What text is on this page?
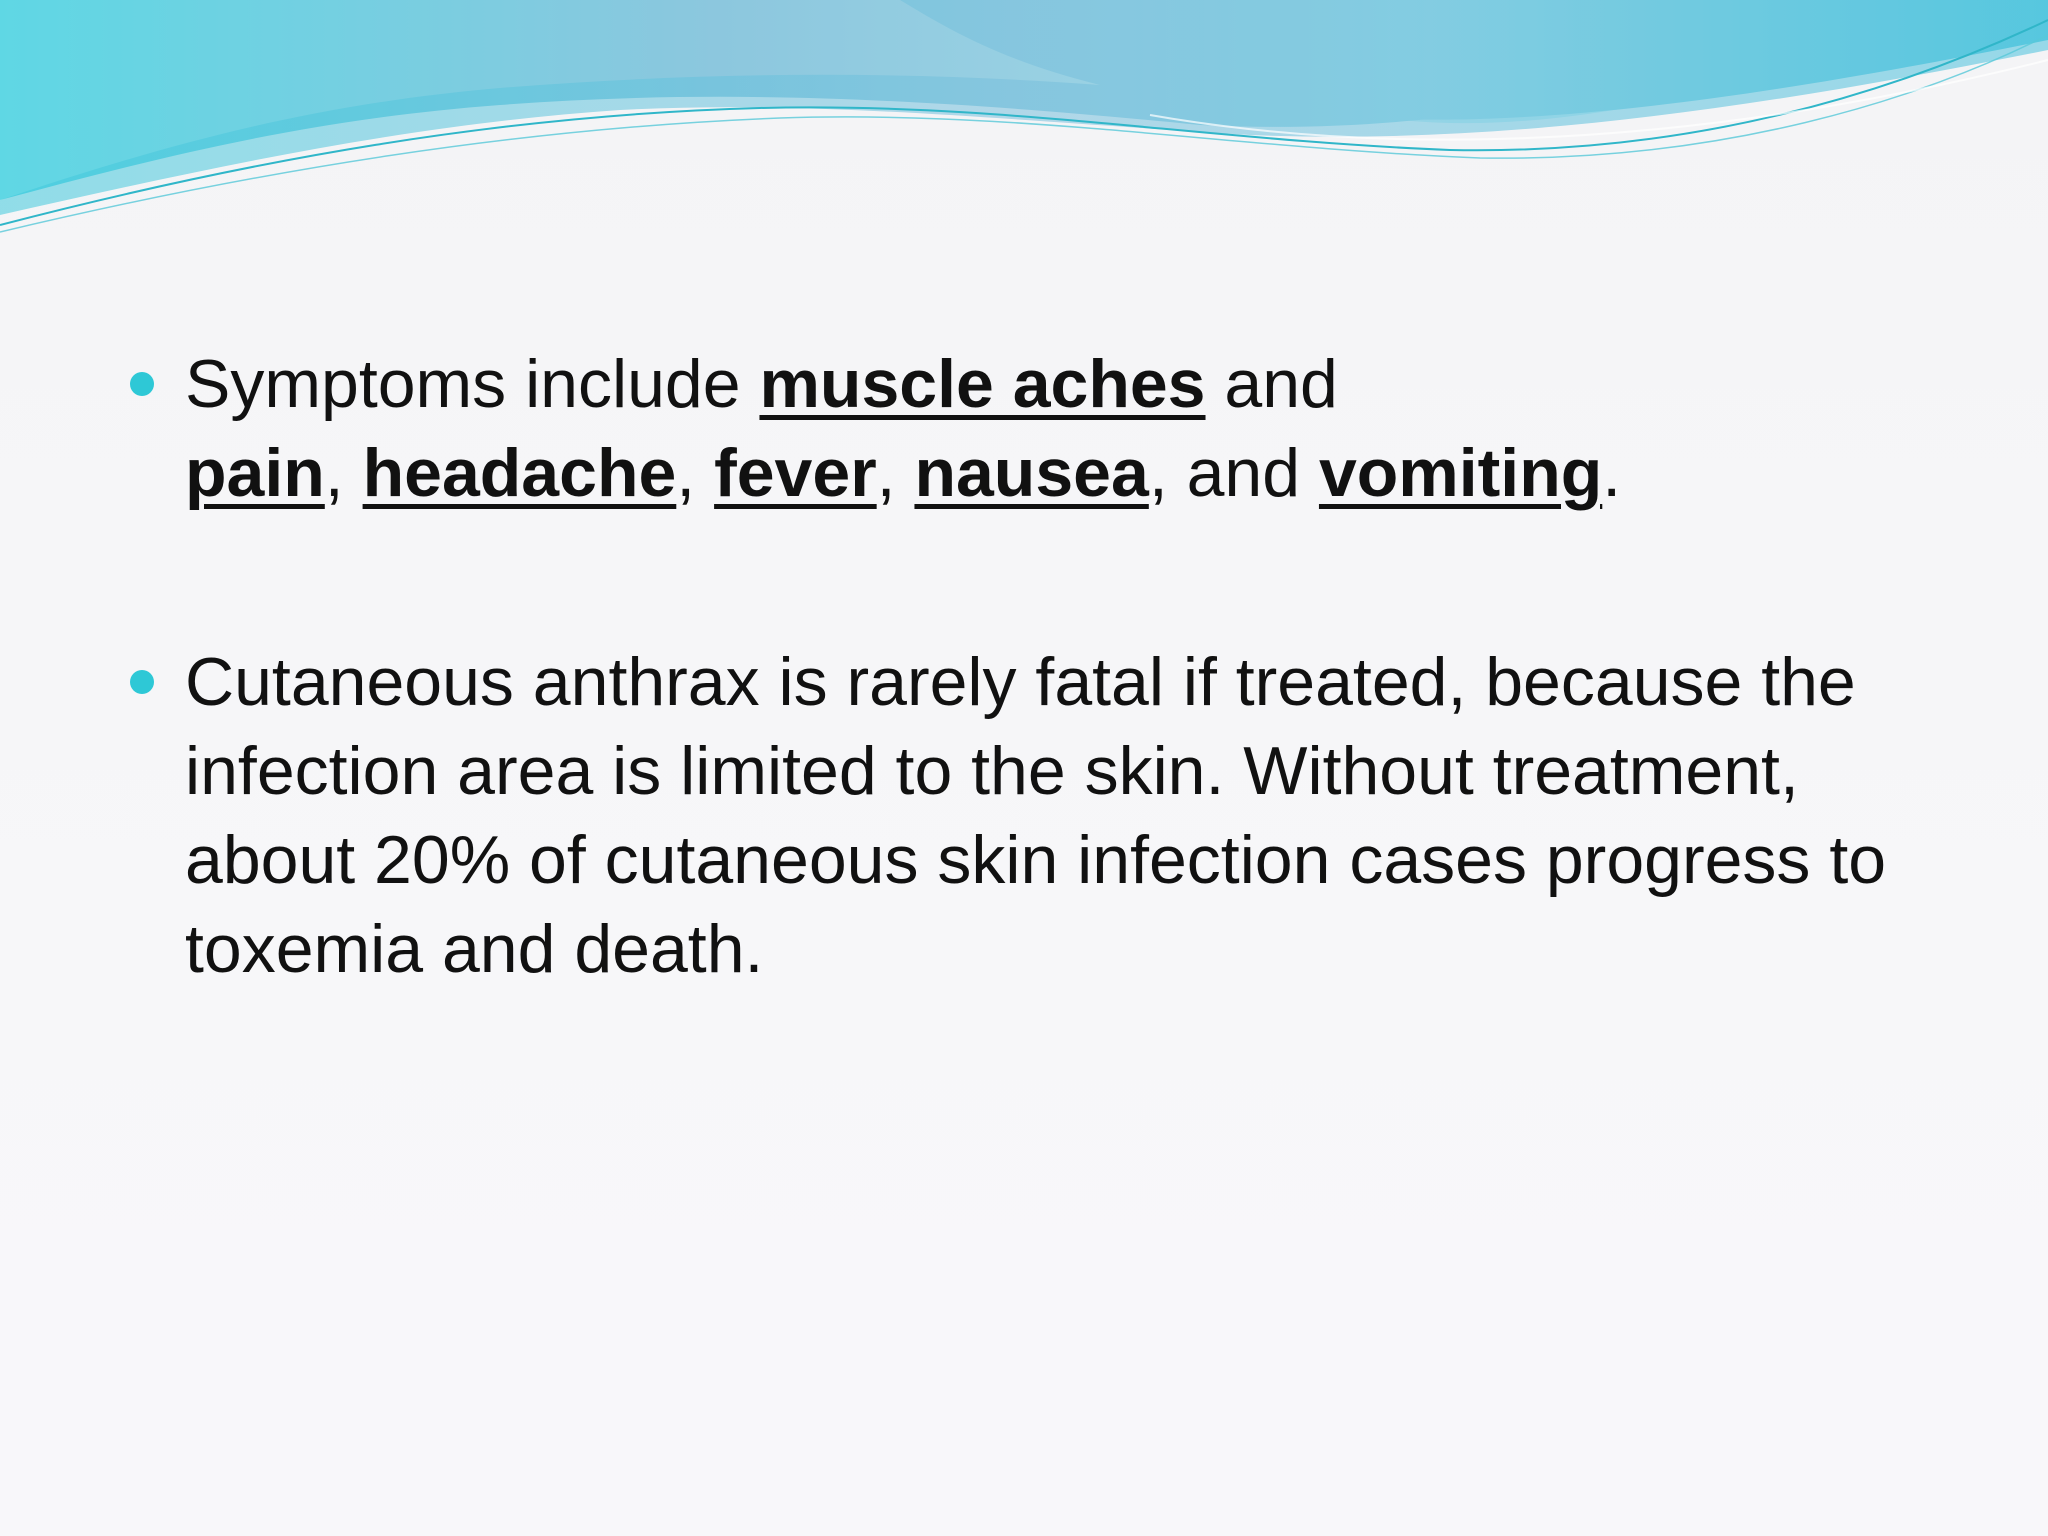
Symptoms include muscle aches and
pain, headache, fever, nausea, and vomiting.
Cutaneous anthrax is rarely fatal if treated, because the infection area is limited to the skin. Without treatment, about 20% of cutaneous skin infection cases progress to toxemia and death.
